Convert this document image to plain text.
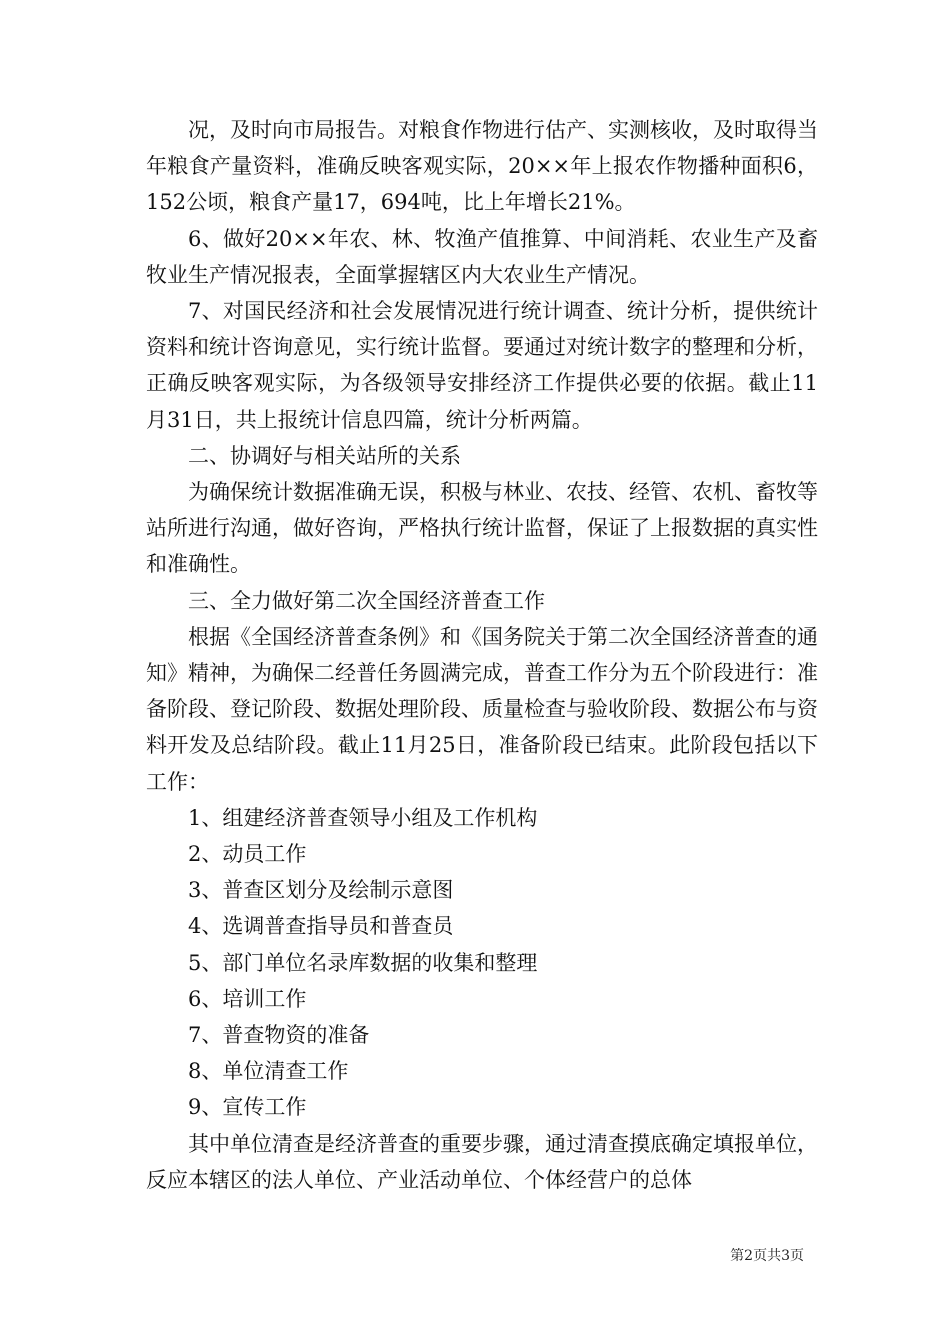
况，及时向市局报告。对粮食作物进行估产、实测核收，及时取得当年粮食产量资料，准确反映客观实际，20××年上报农作物播种面积6，152公顷，粮食产量17，694吨，比上年增长21%。

6、做好20××年农、林、牧渔产值推算、中间消耗、农业生产及畜牧业生产情况报表，全面掌握辖区内大农业生产情况。

7、对国民经济和社会发展情况进行统计调查、统计分析，提供统计资料和统计咨询意见，实行统计监督。要通过对统计数字的整理和分析，正确反映客观实际，为各级领导安排经济工作提供必要的依据。截止11月31日，共上报统计信息四篇，统计分析两篇。

二、协调好与相关站所的关系

为确保统计数据准确无误，积极与林业、农技、经管、农机、畜牧等站所进行沟通，做好咨询，严格执行统计监督，保证了上报数据的真实性和准确性。

三、全力做好第二次全国经济普查工作

根据《全国经济普查条例》和《国务院关于第二次全国经济普查的通知》精神，为确保二经普任务圆满完成，普查工作分为五个阶段进行：准备阶段、登记阶段、数据处理阶段、质量检查与验收阶段、数据公布与资料开发及总结阶段。截止11月25日，准备阶段已结束。此阶段包括以下工作：

1、组建经济普查领导小组及工作机构

2、动员工作

3、普查区划分及绘制示意图

4、选调普查指导员和普查员

5、部门单位名录库数据的收集和整理

6、培训工作

7、普查物资的准备

8、单位清查工作

9、宣传工作

其中单位清查是经济普查的重要步骤，通过清查摸底确定填报单位，反应本辖区的法人单位、产业活动单位、个体经营户的总体

第2页共3页
